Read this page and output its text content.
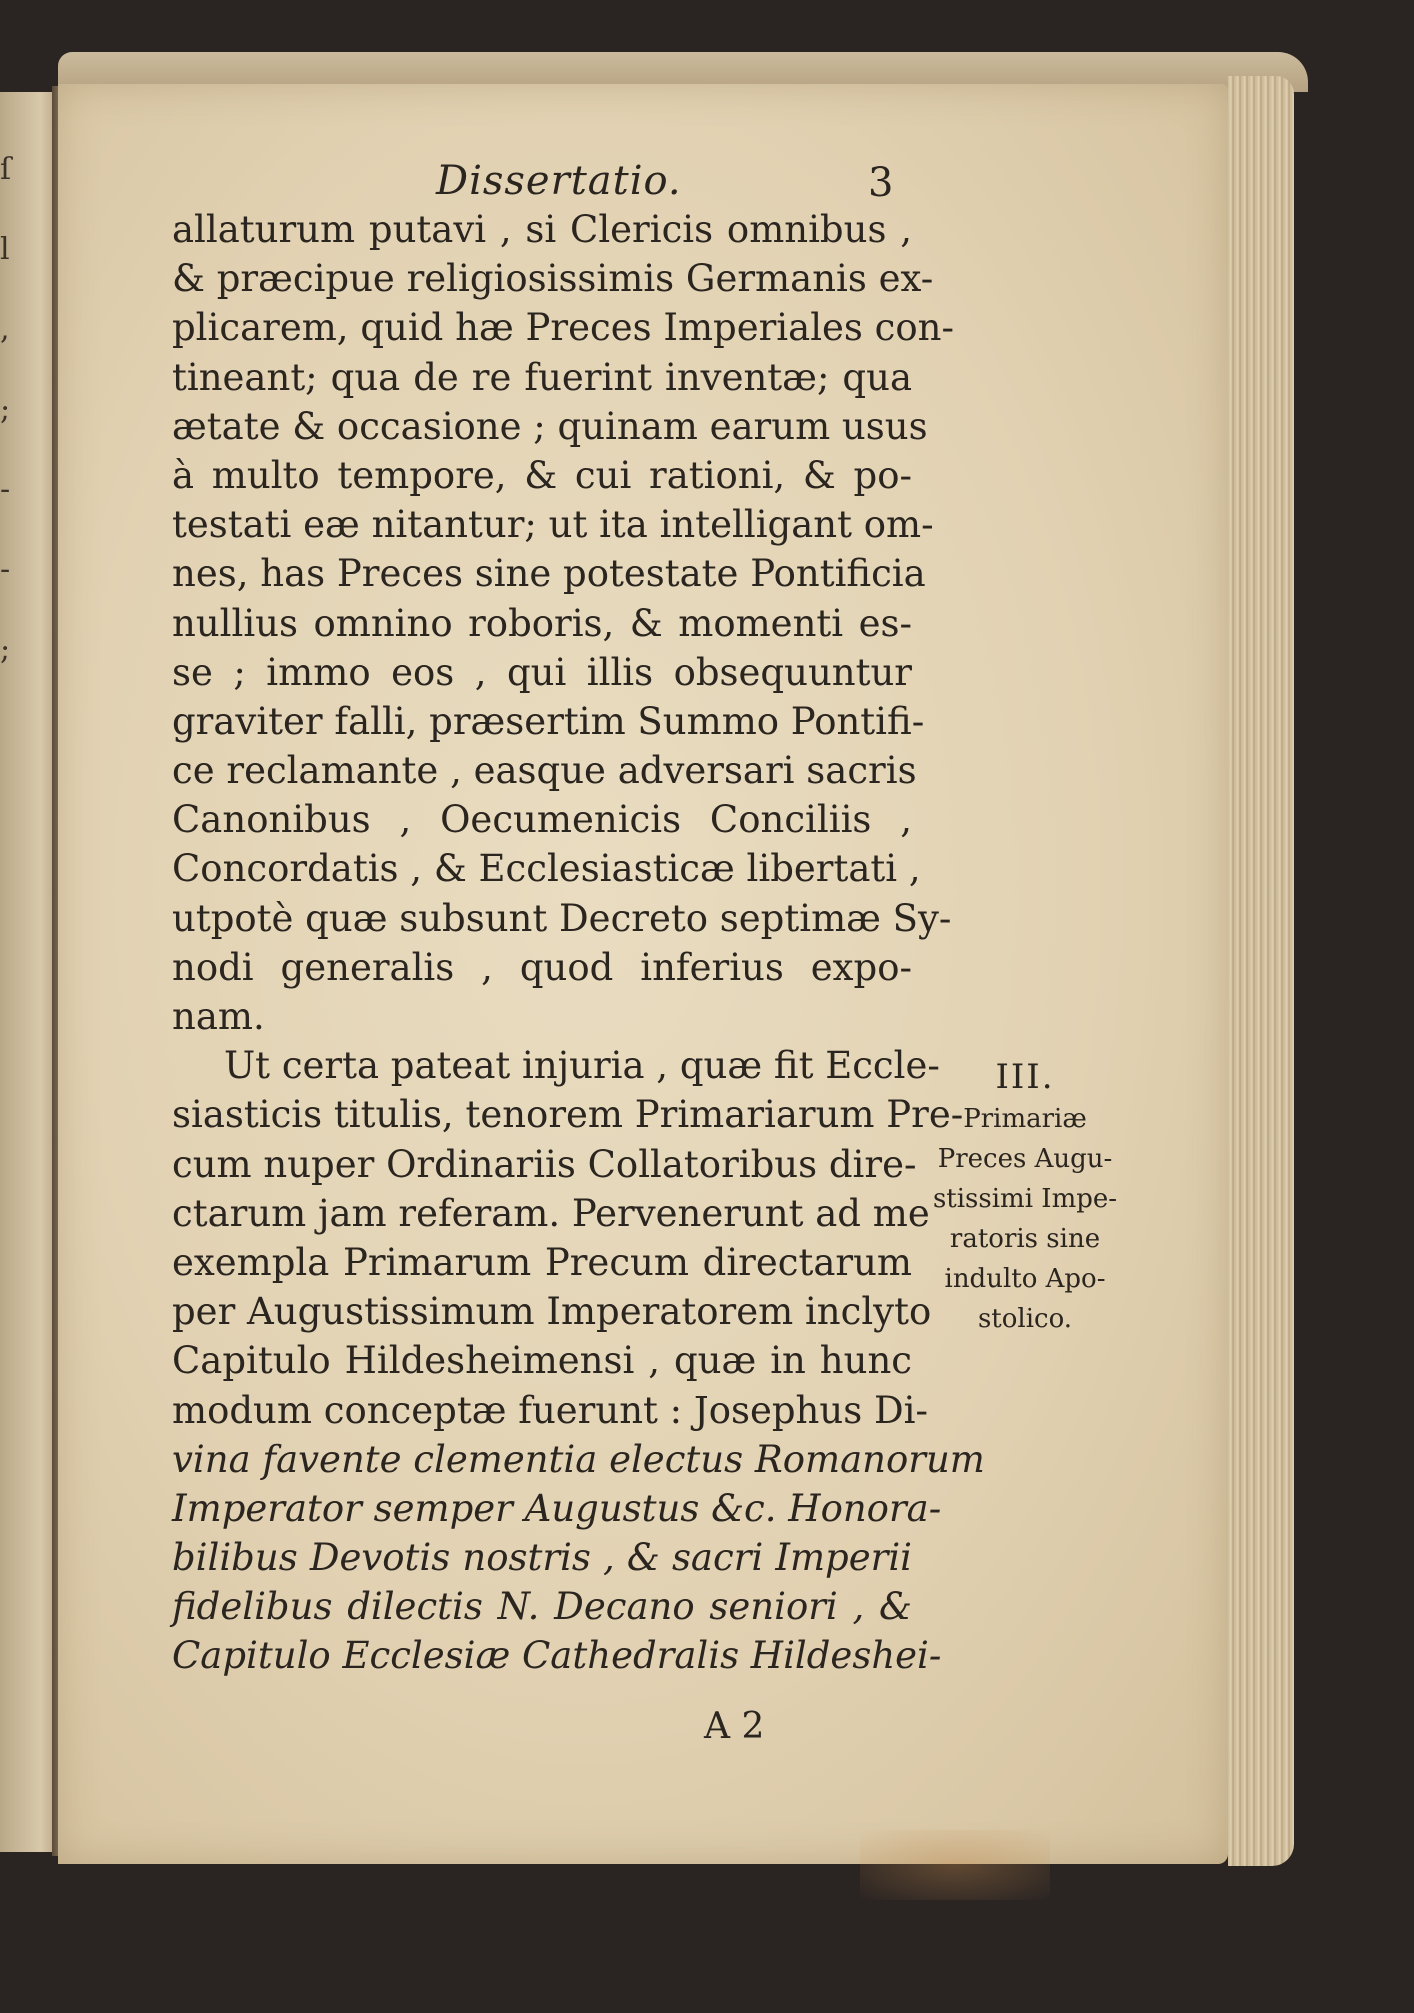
ſ
l
,
;
-
-
;
Dissertatio.	3
allaturum putavi , si Clericis omnibus ,
& præcipue religiosissimis Germanis ex-
plicarem, quid hæ Preces Imperiales con-
tineant; qua de re fuerint inventæ; qua
ætate & occasione ; quinam earum usus
à multo tempore, & cui rationi, & po-
testati eæ nitantur; ut ita intelligant om-
nes, has Preces sine potestate Pontificia
nullius omnino roboris, & momenti es-
se ; immo eos , qui illis obsequuntur
graviter falli, præsertim Summo Pontifi-
ce reclamante , easque adversari sacris
Canonibus , Oecumenicis Conciliis ,
Concordatis , & Ecclesiasticæ libertati ,
utpotè quæ subsunt Decreto septimæ Sy-
nodi generalis , quod inferius expo-
nam.
Ut certa pateat injuria , quæ fit Eccle-
siasticis titulis, tenorem Primariarum Pre-
cum nuper Ordinariis Collatoribus dire-
ctarum jam referam. Pervenerunt ad me
exempla Primarum Precum directarum
per Augustissimum Imperatorem inclyto
Capitulo Hildesheimensi , quæ in hunc
modum conceptæ fuerunt : Josephus Di-
vina favente clementia electus Romanorum
Imperator semper Augustus &c. Honora-
bilibus Devotis nostris , & sacri Imperii
fidelibus dilectis N. Decano seniori , &
Capitulo Ecclesiæ Cathedralis Hildeshei-
III.
Primariæ
Preces Augu-
stissimi Impe-
ratoris sine
indulto Apo-
stolico.
A 2
